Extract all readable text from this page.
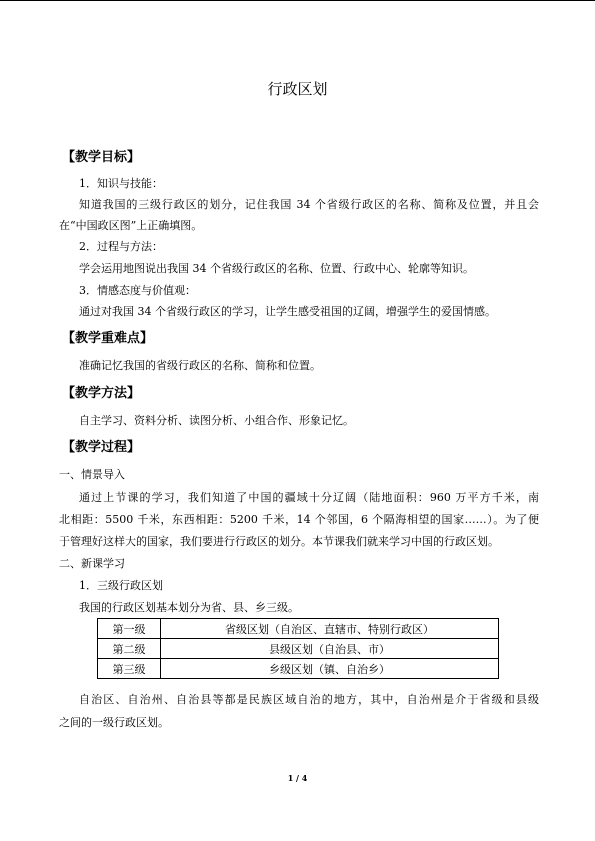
行政区划
【教学目标】
1．知识与技能：
知道我国的三级行政区的划分，记住我国 34 个省级行政区的名称、简称及位置，并且会
在“中国政区图”上正确填图。
2．过程与方法：
学会运用地图说出我国 34 个省级行政区的名称、位置、行政中心、轮廓等知识。
3．情感态度与价值观：
通过对我国 34 个省级行政区的学习，让学生感受祖国的辽阔，增强学生的爱国情感。
【教学重难点】
准确记忆我国的省级行政区的名称、简称和位置。
【教学方法】
自主学习、资料分析、读图分析、小组合作、形象记忆。
【教学过程】
一、情景导入
通过上节课的学习，我们知道了中国的疆域十分辽阔（陆地面积：960 万平方千米，南
北相距：5500 千米，东西相距：5200 千米，14 个邻国，6 个隔海相望的国家……）。为了便
于管理好这样大的国家，我们要进行行政区的划分。本节课我们就来学习中国的行政区划。
二、新课学习
1．三级行政区划
我国的行政区划基本划分为省、县、乡三级。
第一级	省级区划（自治区、直辖市、特别行政区）
第二级	县级区划（自治县、市）
第三级	乡级区划（镇、自治乡）
自治区、自治州、自治县等都是民族区域自治的地方，其中，自治州是介于省级和县级
之间的一级行政区划。
1 / 4
